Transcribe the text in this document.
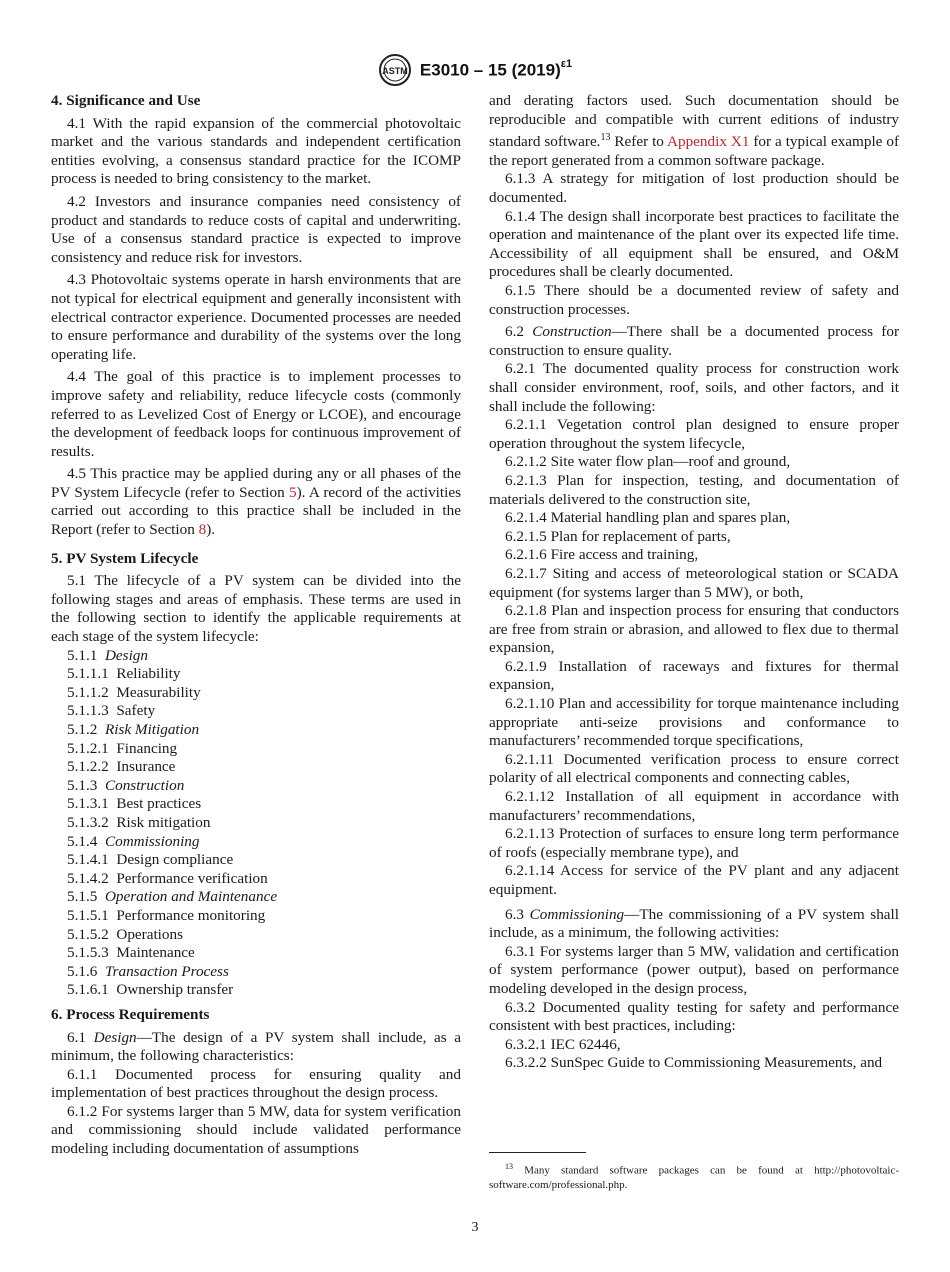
ASTM E3010 – 15 $(2019)^{\varepsilon 1}$
4. Significance and Use

4.1 With the rapid expansion of the commercial photovoltaic market and the various standards and independent certification entities evolving, a consensus standard practice for the ICOMP process is needed to bring consistency to the market.

4.2 Investors and insurance companies need consistency of product and standards to reduce costs of capital and underwriting. Use of a consensus standard practice is expected to improve consistency and reduce risk for investors.

4.3 Photovoltaic systems operate in harsh environments that are not typical for electrical equipment and generally inconsistent with electrical contractor experience. Documented processes are needed to ensure performance and durability of the systems over the long operating life.

4.4 The goal of this practice is to implement processes to improve safety and reliability, reduce lifecycle costs (commonly referred to as Levelized Cost of Energy or LCOE), and encourage the development of feedback loops for continuous improvement of results.

4.5 This practice may be applied during any or all phases of the PV System Lifecycle (refer to Section 5). A record of the activities carried out according to this practice shall be included in the Report (refer to Section 8).

5. PV System Lifecycle

5.1 The lifecycle of a PV system can be divided into the following stages and areas of emphasis. These terms are used in the following section to identify the applicable requirements at each stage of the system lifecycle:

5.1.1 Design
5.1.1.1 Reliability
5.1.1.2 Measurability
5.1.1.3 Safety
5.1.2 Risk Mitigation
5.1.2.1 Financing
5.1.2.2 Insurance
5.1.3 Construction
5.1.3.1 Best practices
5.1.3.2 Risk mitigation
5.1.4 Commissioning
5.1.4.1 Design compliance
5.1.4.2 Performance verification
5.1.5 Operation and Maintenance
5.1.5.1 Performance monitoring
5.1.5.2 Operations
5.1.5.3 Maintenance
5.1.6 Transaction Process
5.1.6.1 Ownership transfer
6. Process Requirements

6.1 Design—The design of a PV system shall include, as a minimum, the following characteristics:

6.1.1 Documented process for ensuring quality and implementation of best practices throughout the design process.

6.1.2 For systems larger than 5 MW, data for system verification and commissioning should include validated performance modeling including documentation of assumptions

and derating factors used. Such documentation should be reproducible and compatible with current editions of industry standard software.$^{13}$ Refer to Appendix X1 for a typical example of the report generated from a common software package.

6.1.3 A strategy for mitigation of lost production should be documented.

6.1.4 The design shall incorporate best practices to facilitate the operation and maintenance of the plant over its expected life time. Accessibility of all equipment shall be ensured, and O&M procedures shall be clearly documented.

6.1.5 There should be a documented review of safety and construction processes.

6.2 Construction—There shall be a documented process for construction to ensure quality.

6.2.1 The documented quality process for construction work shall consider environment, roof, soils, and other factors, and it shall include the following:

6.2.1.1 Vegetation control plan designed to ensure proper operation throughout the system lifecycle,

6.2.1.2 Site water flow plan—roof and ground,

6.2.1.3 Plan for inspection, testing, and documentation of materials delivered to the construction site,

6.2.1.4 Material handling plan and spares plan,

6.2.1.5 Plan for replacement of parts,

6.2.1.6 Fire access and training,

6.2.1.7 Siting and access of meteorological station or SCADA equipment (for systems larger than 5 MW), or both,

6.2.1.8 Plan and inspection process for ensuring that conductors are free from strain or abrasion, and allowed to flex due to thermal expansion,

6.2.1.9 Installation of raceways and fixtures for thermal expansion,

6.2.1.10 Plan and accessibility for torque maintenance including appropriate anti-seize provisions and conformance to manufacturers’ recommended torque specifications,

6.2.1.11 Documented verification process to ensure correct polarity of all electrical components and connecting cables,

6.2.1.12 Installation of all equipment in accordance with manufacturers’ recommendations,

6.2.1.13 Protection of surfaces to ensure long term performance of roofs (especially membrane type), and

6.2.1.14 Access for service of the PV plant and any adjacent equipment.

6.3 Commissioning—The commissioning of a PV system shall include, as a minimum, the following activities:

6.3.1 For systems larger than 5 MW, validation and certification of system performance (power output), based on performance modeling developed in the design process,

6.3.2 Documented quality testing for safety and performance consistent with best practices, including:

6.3.2.1 IEC 62446,

6.3.2.2 SunSpec Guide to Commissioning Measurements, and

$^{13}$ Many standard software packages can be found at http://photovoltaic-software.com/professional.php.
3
